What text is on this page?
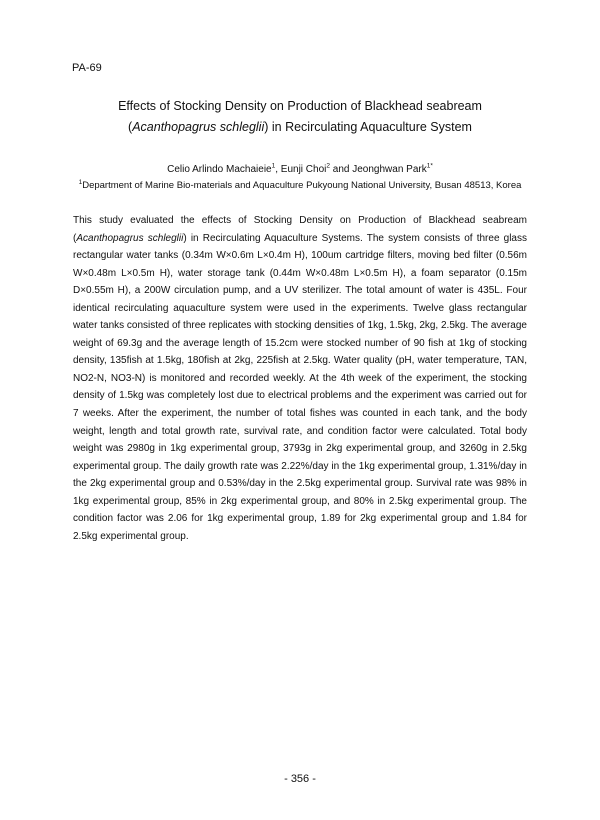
PA-69
Effects of Stocking Density on Production of Blackhead seabream
(Acanthopagrus schleglii) in Recirculating Aquaculture System
Celio Arlindo Machaieie$^1$, Eunji Choi$^2$ and Jeonghwan Park$^{1*}$
$^1$Department of Marine Bio-materials and Aquaculture Pukyoung National University, Busan 48513, Korea
This study evaluated the effects of Stocking Density on Production of Blackhead seabream (Acanthopagrus schleglii) in Recirculating Aquaculture Systems. The system consists of three glass rectangular water tanks (0.34m W×0.6m L×0.4m H), 100um cartridge filters, moving bed filter (0.56m W×0.48m L×0.5m H), water storage tank (0.44m W×0.48m L×0.5m H), a foam separator (0.15m D×0.55m H), a 200W circulation pump, and a UV sterilizer. The total amount of water is 435L. Four identical recirculating aquaculture system were used in the experiments. Twelve glass rectangular water tanks consisted of three replicates with stocking densities of 1kg, 1.5kg, 2kg, 2.5kg. The average weight of 69.3g and the average length of 15.2cm were stocked number of 90 fish at 1kg of stocking density, 135fish at 1.5kg, 180fish at 2kg, 225fish at 2.5kg. Water quality (pH, water temperature, TAN, NO2-N, NO3-N) is monitored and recorded weekly. At the 4th week of the experiment, the stocking density of 1.5kg was completely lost due to electrical problems and the experiment was carried out for 7 weeks. After the experiment, the number of total fishes was counted in each tank, and the body weight, length and total growth rate, survival rate, and condition factor were calculated. Total body weight was 2980g in 1kg experimental group, 3793g in 2kg experimental group, and 3260g in 2.5kg experimental group. The daily growth rate was 2.22%/day in the 1kg experimental group, 1.31%/day in the 2kg experimental group and 0.53%/day in the 2.5kg experimental group. Survival rate was 98% in 1kg experimental group, 85% in 2kg experimental group, and 80% in 2.5kg experimental group. The condition factor was 2.06 for 1kg experimental group, 1.89 for 2kg experimental group and 1.84 for 2.5kg experimental group.
- 356 -
